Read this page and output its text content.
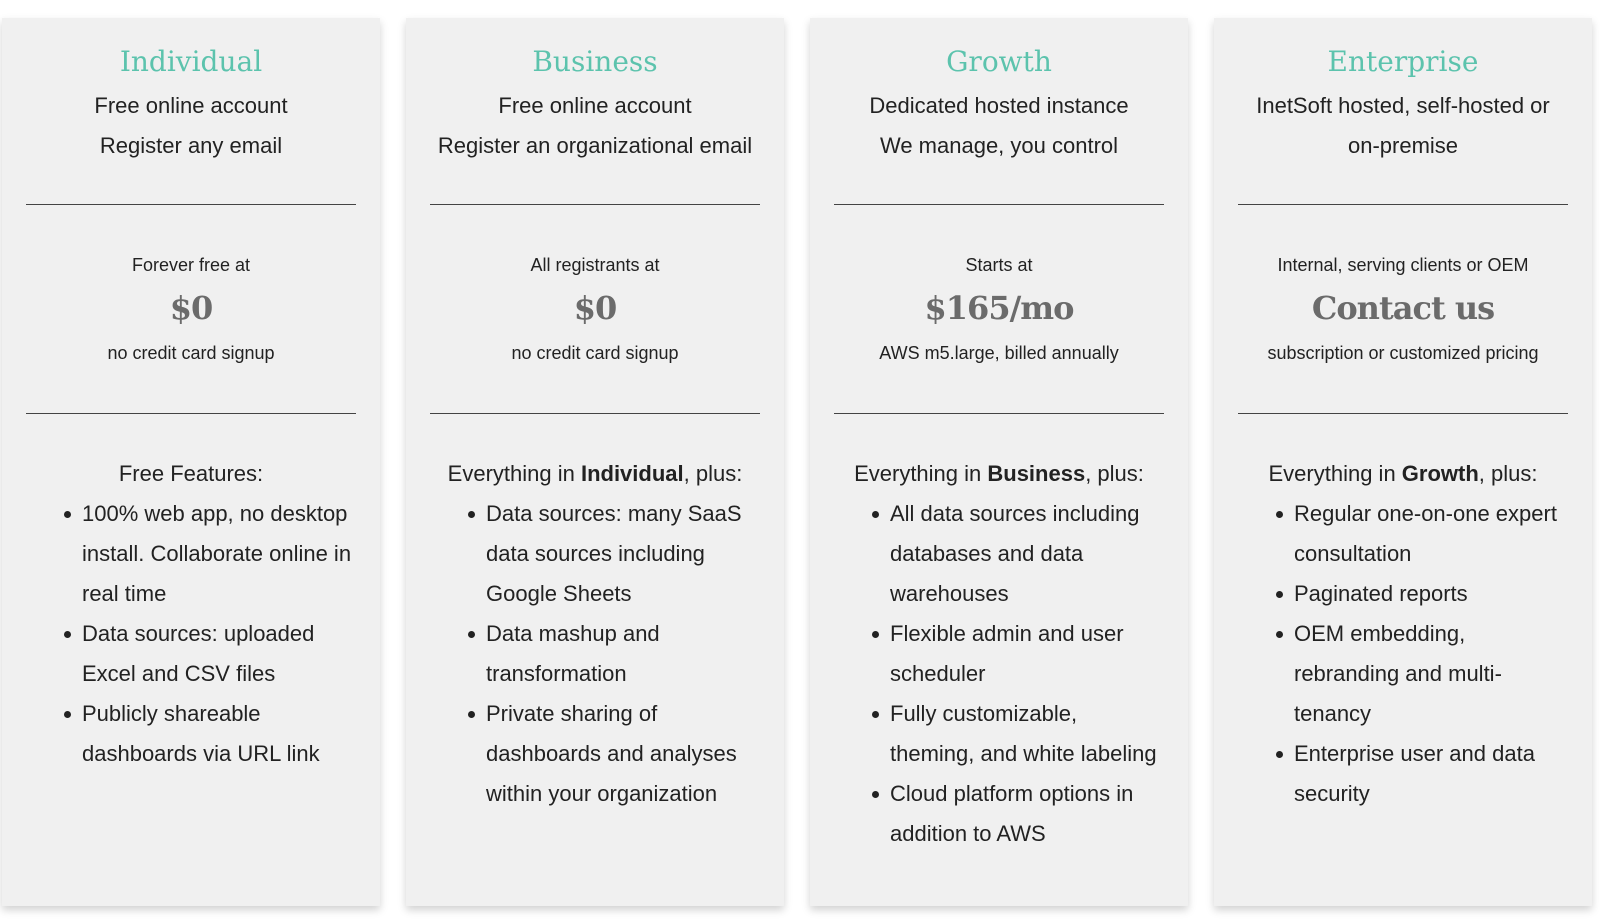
Individual

Free online account

Register any email

Forever free at
$0
no credit card signup
Free Features:
100% web app, no desktop install. Collaborate online in real time
Data sources: uploaded Excel and CSV files
Publicly shareable dashboards via URL link
Business

Free online account

Register an organizational email

All registrants at
$0
no credit card signup
Everything in Individual, plus:
Data sources: many SaaS data sources including Google Sheets
Data mashup and transformation
Private sharing of dashboards and analyses within your organization
Growth

Dedicated hosted instance

We manage, you control

Starts at
$165/mo
AWS m5.large, billed annually
Everything in Business, plus:
All data sources including databases and data warehouses
Flexible admin and user scheduler
Fully customizable, theming, and white labeling
Cloud platform options in addition to AWS
Enterprise

InetSoft hosted, self-hosted or on-premise

Internal, serving clients or OEM
Contact us
subscription or customized pricing
Everything in Growth, plus:
Regular one-on-one expert consultation
Paginated reports
OEM embedding, rebranding and multi-tenancy
Enterprise user and data security
